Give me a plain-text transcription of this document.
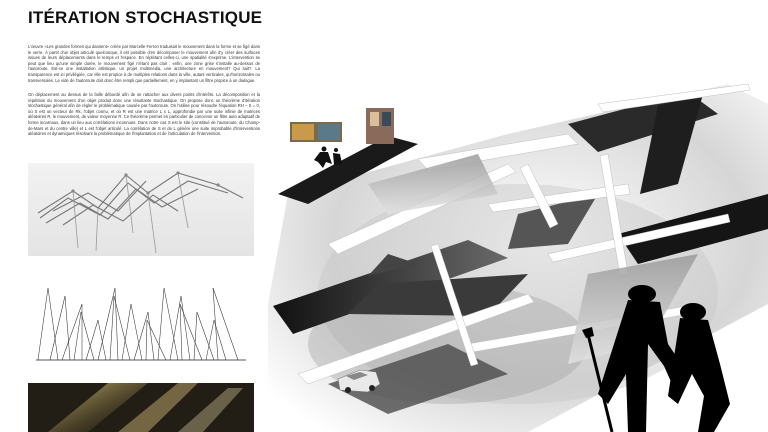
ITÉRATION STOCHASTIQUE
L'œuvre «Les grandes formes qui dansent» créée par Marcelle Ferron traduisait le mouvement dans la forme et se figé dans le verre. À partir d'un objet articulé quelconque, il est possible d'en décomposer le mouvement afin d'y créer des surfaces issues de leurs déplacements dans le temps et l'espace. En réplétant celles-ci, une spatialité s'exprime. L'intervention se peut que lieu qu'une simple durée, le mouvement figé n'étant pas clair ; enfin, une zone grise s'installe au-dessus de l'autoroute. Est-ce une installation artistique, un projet multimédia, une architecture en mouvement? Qui sait?. La transparence est ici privilégiée, car elle est propice à de multiples relations dans la ville, autant verticales, qu'horizontales ou transversales. Le vide de l'autoroute doit donc être rempli que partiellement, en y implantant un filtre propice à un dialogue.
On déplacement au dessus de la faille débordé afin de se rattacher aux divers points d'intérêts. La décomposition et la répétition du mouvement d'un objet produit donc une résultante stochastique. On propose donc un théorème d'itération stochastique général afin de régler le problématique causée par l'autoroute. On l'utilise pour résoudre l'équation RH – S = 0, où S est un vecteur de Rk, l'objet connu, et où R est une matrice L x L, approfondie par une suite infinie de matrices aléatoires R, le mouvement, de valeur moyenne R. Ce théorème permet en particulier de concevoir un filtre auto adaptatif de forme incarnaux, dans un lieu aux corrélations inconnues. Dans notre cas S est le site (constitué de l'autoroute, du Champ-de-Mars et du centre ville) et L est l'objet articulé. La corrélation de S et de L génère une suite improbable d'interventions aléatoires et dynamiques résolvant la problématique de l'implantation et de l'articulation de l'intervention.
